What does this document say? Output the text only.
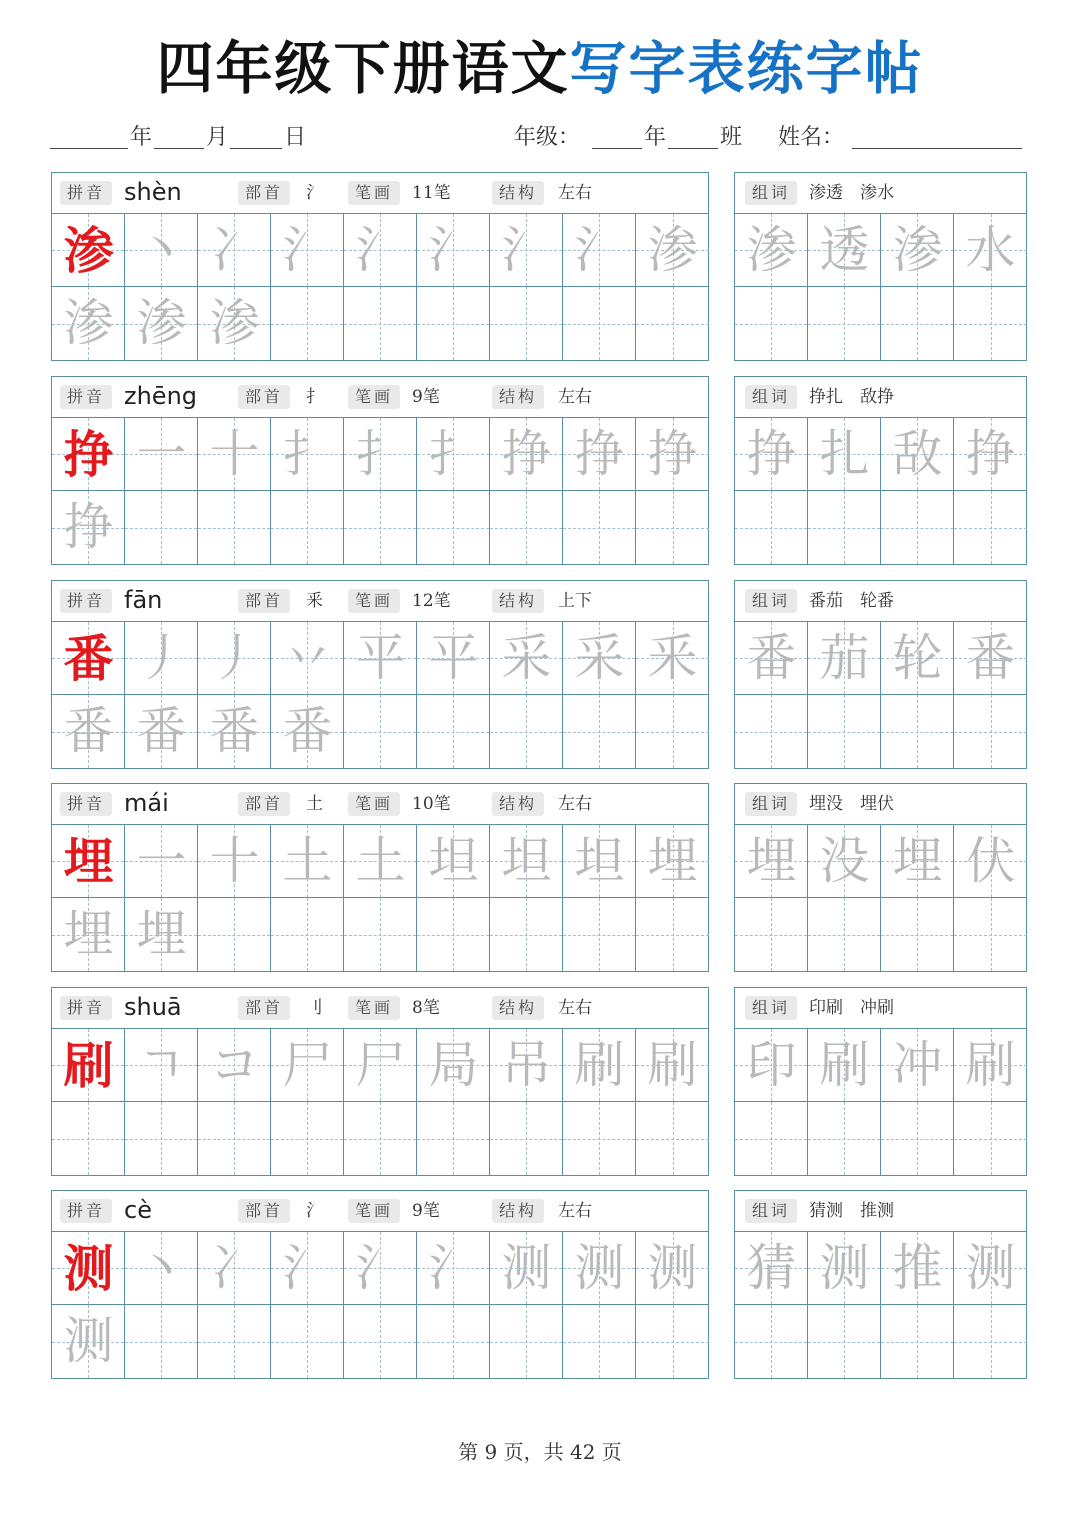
四年级下册语文写字表练字帖
年 月	日	年级：	年 班 姓名：
拼音 shèn	部首	氵	笔画	11笔	结构	左右
渗 丶 冫 氵 氵 氵 氵 氵 渗
渗 渗 渗
组词	渗透　渗水
渗 透 渗 水
拼音 zhēng	部首	扌	笔画	9笔	结构	左右
挣 一 十 扌 扌 扌 挣 挣 挣
挣
组词	挣扎　敌挣
挣 扎 敌 挣
拼音 fān	部首	釆	笔画	12笔	结构	上下
番 丿 丿 丷 平 平 采 采 釆
番 番 番 番
组词	番茄　轮番
番 茄 轮 番
拼音 mái	部首	土	笔画	10笔	结构	左右
埋 一 十 土 土 坦 坦 坦 埋
埋 埋
组词	埋没　埋伏
埋 没 埋 伏
拼音 shuā	部首	刂	笔画	8笔	结构	左右
刷 ㄱ コ 尸 尸 局 吊 刷 刷
组词	印刷　冲刷
印 刷 冲 刷
拼音 cè	部首	氵	笔画	9笔	结构	左右
测 丶 冫 氵 氵 氵 测 测 测
测
组词	猜测　推测
猜 测 推 测
第 9 页，共 42 页
